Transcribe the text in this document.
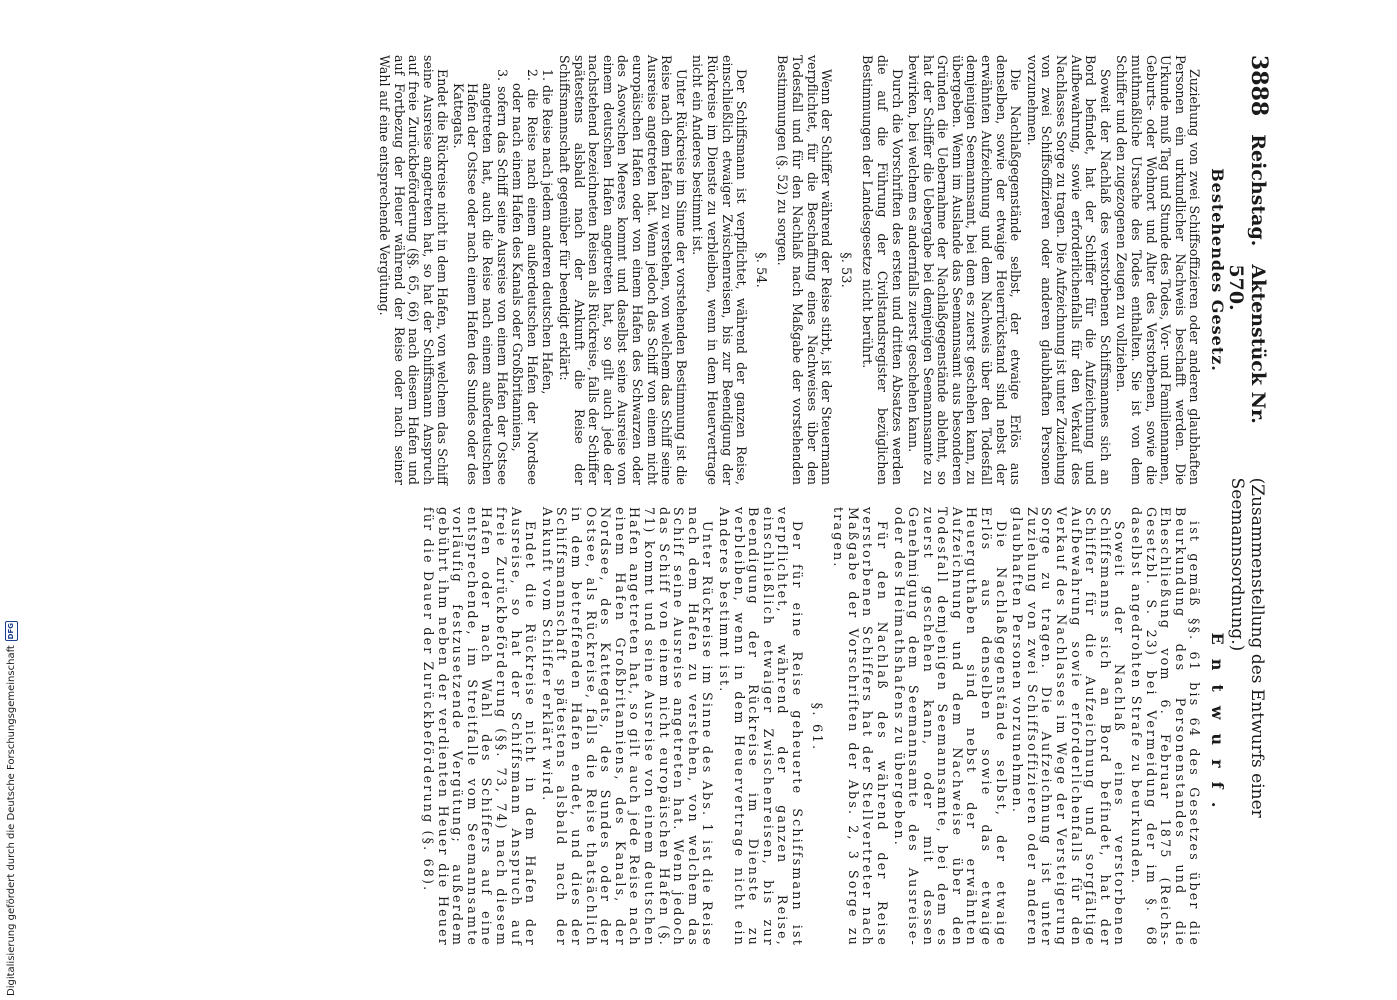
3888
Reichstag.
Aktenstück Nr. 570.
(Zusammenstellung des Entwurfs einer Seemannsordnung.)
Bestehendes Gesetz.
Zuziehung von zwei Schiffsoffizieren oder anderen glaubhaften Personen ein urkundlicher Nachweis beschafft werden. Die Urkunde muß Tag und Stunde des Todes, Vor- und Familiennamen, Geburts- oder Wohnort und Alter des Verstorbenen, sowie die muthmaßliche Ursache des Todes enthalten. Sie ist von dem Schiffer und den zugezogenen Zeugen zu vollziehen.
Soweit der Nachlaß des verstorbenen Schiffsmannes sich an Bord befindet, hat der Schiffer für die Aufzeichnung und Aufbewahrung, sowie erforderlichenfalls für den Verkauf des Nachlasses Sorge zu tragen. Die Aufzeichnung ist unter Zuziehung von zwei Schiffsoffizieren oder anderen glaubhaften Personen vorzunehmen.
Die Nachlaßgegenstände selbst, der etwaige Erlös aus denselben, sowie der etwaige Heuerrückstand sind nebst der erwähnten Aufzeichnung und dem Nachweis über den Todesfall demjenigen Seemannsamt, bei dem es zuerst geschehen kann, zu übergeben. Wenn im Auslande das Seemannsamt aus besonderen Gründen die Uebernahme der Nachlaßgegenstände ablehnt, so hat der Schiffer die Uebergabe bei demjenigen Seemannsamte zu bewirken, bei welchem es andernfalls zuerst geschehen kann.
Durch die Vorschriften des ersten und dritten Absatzes werden die auf die Führung der Civilstandsregister bezüglichen Bestimmungen der Landesgesetze nicht berührt.
§. 53.
Wenn der Schiffer während der Reise stirbt, ist der Steuermann verpflichtet, für die Beschaffung eines Nachweises über den Todesfall und für den Nachlaß nach Maßgabe der vorstehenden Bestimmungen (§. 52) zu sorgen.
§. 54.
Der Schiffsmann ist verpflichtet, während der ganzen Reise, einschließlich etwaiger Zwischenreisen, bis zur Beendigung der Rückreise im Dienste zu verbleiben, wenn in dem Heuervertrage nicht ein Anderes bestimmt ist.
Unter Rückreise im Sinne der vorstehenden Bestimmung ist die Reise nach dem Hafen zu verstehen, von welchem das Schiff seine Ausreise angetreten hat. Wenn jedoch das Schiff von einem nicht europäischen Hafen oder von einem Hafen des Schwarzen oder des Asowschen Meeres kommt und daselbst seine Ausreise von einem deutschen Hafen angetreten hat, so gilt auch jede der nachstehend bezeichneten Reisen als Rückreise, falls der Schiffer spätestens alsbald nach der Ankunft die Reise der Schiffsmannschaft gegenüber für beendigt erklärt:
1. die Reise nach jedem anderen deutschen Hafen,
2. die Reise nach einem außerdeutschen Hafen der Nordsee oder nach einem Hafen des Kanals oder Großbritanniens,
3. sofern das Schiff seine Ausreise von einem Hafen der Ostsee angetreten hat, auch die Reise nach einem außerdeutschen Hafen der Ostsee oder nach einem Hafen des Sundes oder des Kattegats.
Endet die Rückreise nicht in dem Hafen, von welchem das Schiff seine Ausreise angetreten hat, so hat der Schiffsmann Anspruch auf freie Zurückbeförderung (§§. 65, 66) nach diesem Hafen und auf Fortbezug der Heuer während der Reise oder nach seiner Wahl auf eine entsprechende Vergütung.
Entwurf.
ist gemäß §§. 61 bis 64 des Gesetzes über die Beurkundung des Personenstandes und die Eheschließung vom 6. Februar 1875 (Reichs-Gesetzbl. S. 23) bei Vermeidung der im §. 68 daselbst angedrohten Strafe zu beurkunden.
Soweit der Nachlaß eines verstorbenen Schiffsmanns sich an Bord befindet, hat der Schiffer für die Aufzeichnung und sorgfältige Aufbewahrung sowie erforderlichenfalls für den Verkauf des Nachlasses im Wege der Versteigerung Sorge zu tragen. Die Aufzeichnung ist unter Zuziehung von zwei Schiffsoffizieren oder anderen glaubhaften Personen vorzunehmen.
Die Nachlaßgegenstände selbst, der etwaige Erlös aus denselben sowie das etwaige Heuerguthaben sind nebst der erwähnten Aufzeichnung und dem Nachweise über den Todesfall demjenigen Seemannsamte, bei dem es zuerst geschehen kann, oder mit dessen Genehmigung dem Seemannsamte des Ausreise- oder des Heimathshafens zu übergeben.
Für den Nachlaß des während der Reise verstorbenen Schiffers hat der Stellvertreter nach Maßgabe der Vorschriften der Abs. 2, 3 Sorge zu tragen.
§. 61.
Der für eine Reise geheuerte Schiffsmann ist verpflichtet, während der ganzen Reise, einschließlich etwaiger Zwischenreisen, bis zur Beendigung der Rückreise im Dienste zu verbleiben, wenn in dem Heuervertrage nicht ein Anderes bestimmt ist.
Unter Rückreise im Sinne des Abs. 1 ist die Reise nach dem Hafen zu verstehen, von welchem das Schiff seine Ausreise angetreten hat. Wenn jedoch das Schiff von einem nicht europäischen Hafen (§. 71) kommt und seine Ausreise von einem deutschen Hafen angetreten hat, so gilt auch jede Reise nach einem Hafen Großbritanniens, des Kanals, der Nordsee, des Kattegats, des Sundes oder der Ostsee, als Rückreise, falls die Reise thatsächlich in dem betreffenden Hafen endet, und dies der Schiffsmannschaft spätestens alsbald nach der Ankunft vom Schiffer erklärt wird.
Endet die Rückreise nicht in dem Hafen der Ausreise, so hat der Schiffsmann Anspruch auf freie Zurückbeförderung (§§. 73, 74) nach diesem Hafen oder nach Wahl des Schiffers auf eine entsprechende, im Streitfalle vom Seemannsamte vorläufig festzusetzende Vergütung; außerdem gebührt ihm neben der verdienten Heuer die Heuer für die Dauer der Zurückbeförderung (§. 68).
Digitalisierung gefördert durch die Deutsche Forschungsgemeinschaft
DFG
